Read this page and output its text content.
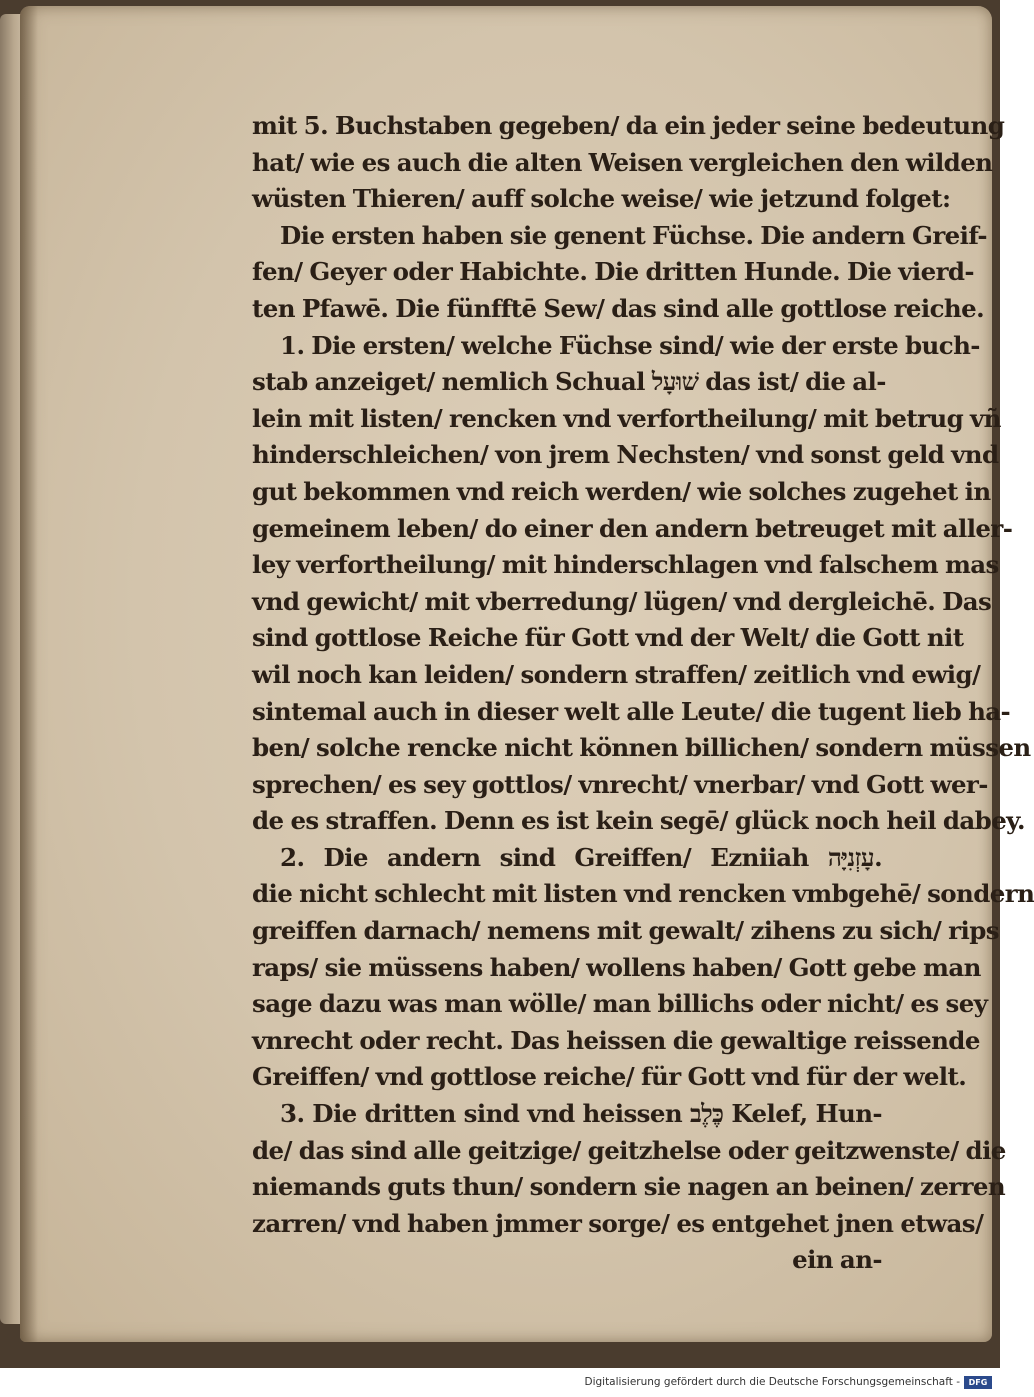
mit 5. Buchstaben gegeben/ da ein jeder seine bedeutung
hat/ wie es auch die alten Weisen vergleichen den wilden
wüsten Thieren/ auff solche weise/ wie jetzund folget:
Die ersten haben sie genent Füchse. Die andern Greif-
fen/ Geyer oder Habichte. Die dritten Hunde. Die vierd-
ten Pfawē. Die fünfftē Sew/ das sind alle gottlose reiche.
1. Die ersten/ welche Füchse sind/ wie der erste buch-
stab anzeiget/ nemlich Schual שׁוּעָל das ist/ die al-
lein mit listen/ rencken vnd verfortheilung/ mit betrug vñ
hinderschleichen/ von jrem Nechsten/ vnd sonst geld vnd
gut bekommen vnd reich werden/ wie solches zugehet in
gemeinem leben/ do einer den andern betreuget mit aller-
ley verfortheilung/ mit hinderschlagen vnd falschem mas
vnd gewicht/ mit vberredung/ lügen/ vnd dergleichē. Das
sind gottlose Reiche für Gott vnd der Welt/ die Gott nit
wil noch kan leiden/ sondern straffen/ zeitlich vnd ewig/
sintemal auch in dieser welt alle Leute/ die tugent lieb ha-
ben/ solche rencke nicht können billichen/ sondern müssen
sprechen/ es sey gottlos/ vnrecht/ vnerbar/ vnd Gott wer-
de es straffen. Denn es ist kein segē/ glück noch heil dabey.
2. Die andern sind Greiffen/ Ezniiah עָזְנִיָּה.
die nicht schlecht mit listen vnd rencken vmbgehē/ sondern
greiffen darnach/ nemens mit gewalt/ zihens zu sich/ rips
raps/ sie müssens haben/ wollens haben/ Gott gebe man
sage dazu was man wölle/ man billichs oder nicht/ es sey
vnrecht oder recht. Das heissen die gewaltige reissende
Greiffen/ vnd gottlose reiche/ für Gott vnd für der welt.
3. Die dritten sind vnd heissen כֶּלֶב Kelef, Hun-
de/ das sind alle geitzige/ geitzhelse oder geitzwenste/ die
niemands guts thun/ sondern sie nagen an beinen/ zerren
zarren/ vnd haben jmmer sorge/ es entgehet jnen etwas/
ein an-
Digitalisierung gefördert durch die Deutsche Forschungsgemeinschaft -	DFG
